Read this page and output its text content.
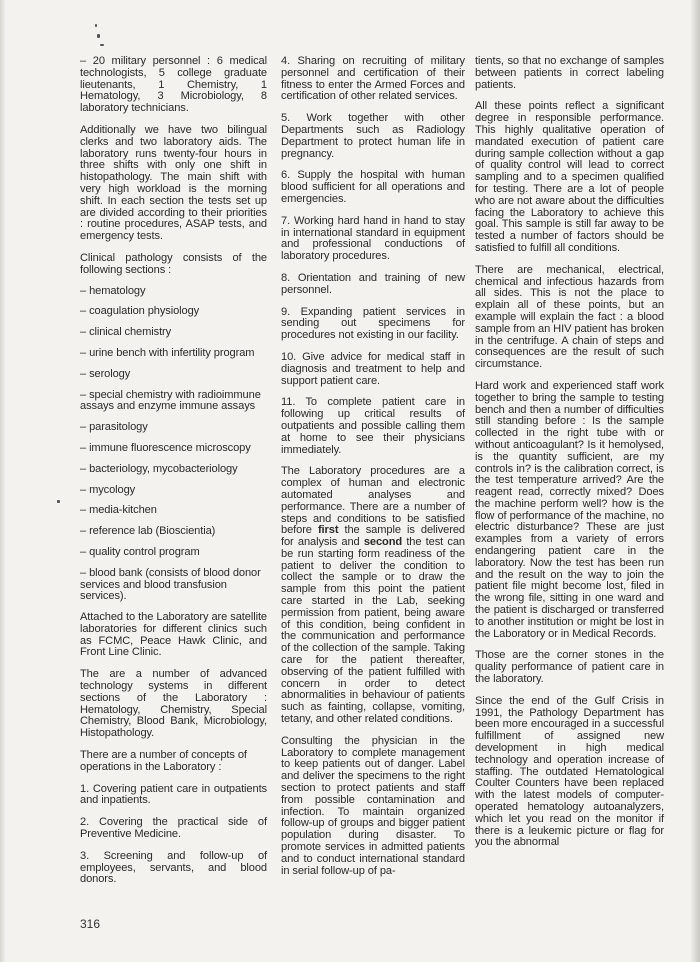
– 20 military personnel : 6 medical technologists, 5 college graduate lieutenants, 1 Chemistry, 1 Hematology, 3 Microbiology, 8 laboratory technicians.

Additionally we have two bilingual clerks and two laboratory aids. The laboratory runs twenty-four hours in three shifts with only one shift in histopathology. The main shift with very high workload is the morning shift. In each section the tests set up are divided according to their priorities : routine procedures, ASAP tests, and emergency tests.

Clinical pathology consists of the following sections :

– hematology

– coagulation physiology

– clinical chemistry

– urine bench with infertility program

– serology

– special chemistry with radioimmune assays and enzyme immune assays

– parasitology

– immune fluorescence microscopy

– bacteriology, mycobacteriology

– mycology

– media-kitchen

– reference lab (Bioscientia)

– quality control program

– blood bank (consists of blood donor services and blood transfusion services).

Attached to the Laboratory are satellite laboratories for different clinics such as FCMC, Peace Hawk Clinic, and Front Line Clinic.

The are a number of advanced technology systems in different sections of the Laboratory : Hematology, Chemistry, Special Chemistry, Blood Bank, Microbiology, Histopathology.

There are a number of concepts of operations in the Laboratory :

1. Covering patient care in outpatients and inpatients.

2. Covering the practical side of Preventive Medicine.

3. Screening and follow-up of employees, servants, and blood donors.

4. Sharing on recruiting of military personnel and certification of their fitness to enter the Armed Forces and certification of other related services.

5. Work together with other Departments such as Radiology Department to protect human life in pregnancy.

6. Supply the hospital with human blood sufficient for all operations and emergencies.

7. Working hard hand in hand to stay in international standard in equipment and professional conductions of laboratory procedures.

8. Orientation and training of new personnel.

9. Expanding patient services in sending out specimens for procedures not existing in our facility.

10. Give advice for medical staff in diagnosis and treatment to help and support patient care.

11. To complete patient care in following up critical results of outpatients and possible calling them at home to see their physicians immediately.

The Laboratory procedures are a complex of human and electronic automated analyses and performance. There are a number of steps and conditions to be satisfied before first the sample is delivered for analysis and second the test can be run starting form readiness of the patient to deliver the condition to collect the sample or to draw the sample from this point the patient care started in the Lab, seeking permission from patient, being aware of this condition, being confident in the communication and performance of the collection of the sample. Taking care for the patient thereafter, observing of the patient fulfilled with concern in order to detect abnormalities in behaviour of patients such as fainting, collapse, vomiting, tetany, and other related conditions.

Consulting the physician in the Laboratory to complete management to keep patients out of danger. Label and deliver the specimens to the right section to protect patients and staff from possible contamination and infection. To maintain organized follow-up of groups and bigger patient population during disaster. To promote services in admitted patients and to conduct international standard in serial follow-up of pa-

tients, so that no exchange of samples between patients in correct labeling patients.

All these points reflect a significant degree in responsible performance. This highly qualitative operation of mandated execution of patient care during sample collection without a gap of quality control will lead to correct sampling and to a specimen qualified for testing. There are a lot of people who are not aware about the difficulties facing the Laboratory to achieve this goal. This sample is still far away to be tested a number of factors should be satisfied to fulfill all conditions.

There are mechanical, electrical, chemical and infectious hazards from all sides. This is not the place to explain all of these points, but an example will explain the fact : a blood sample from an HIV patient has broken in the centrifuge. A chain of steps and consequences are the result of such circumstance.

Hard work and experienced staff work together to bring the sample to testing bench and then a number of difficulties still standing before : Is the sample collected in the right tube with or without anticoagulant? Is it hemolysed, is the quantity sufficient, are my controls in? is the calibration correct, is the test temperature arrived? Are the reagent read, correctly mixed? Does the machine perform well? how is the flow of performance of the machine, no electric disturbance? These are just examples from a variety of errors endangering patient care in the laboratory. Now the test has been run and the result on the way to join the patient file might become lost, filed in the wrong file, sitting in one ward and the patient is discharged or transferred to another institution or might be lost in the Laboratory or in Medical Records.

Those are the corner stones in the quality performance of patient care in the laboratory.

Since the end of the Gulf Crisis in 1991, the Pathology Department has been more encouraged in a successful fulfillment of assigned new development in high medical technology and operation increase of staffing. The outdated Hematological Coulter Counters have been replaced with the latest models of computer-operated hematology autoanalyzers, which let you read on the monitor if there is a leukemic picture or flag for you the abnormal

316
